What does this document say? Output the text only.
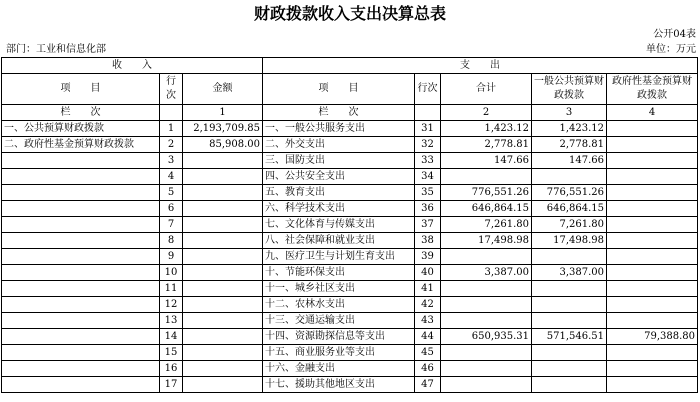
财政拨款收入支出决算总表
公开04表
部门：工业和信息化部	单位：万元
收　　入			支　　出				
项　　目	行次	金额	项　　目	行次	合计	一般公共预算财政拨款	政府性基金预算财政拨款
栏　　次		1	栏　　次		2	3	4
一、公共预算财政拨款	1	2,193,709.85	一、一般公共服务支出	31	1,423.12	1,423.12	
二、政府性基金预算财政拨款	2	85,908.00	二、外交支出	32	2,778.81	2,778.81	
	3		三、国防支出	33	147.66	147.66	
	4		四、公共安全支出	34			
	5		五、教育支出	35	776,551.26	776,551.26	
	6		六、科学技术支出	36	646,864.15	646,864.15	
	7		七、文化体育与传媒支出	37	7,261.80	7,261.80	
	8		八、社会保障和就业支出	38	17,498.98	17,498.98	
	9		九、医疗卫生与计划生育支出	39			
	10		十、节能环保支出	40	3,387.00	3,387.00	
	11		十一、城乡社区支出	41			
	12		十二、农林水支出	42			
	13		十三、交通运输支出	43			
	14		十四、资源勘探信息等支出	44	650,935.31	571,546.51	79,388.80
	15		十五、商业服务业等支出	45			
	16		十六、金融支出	46			
	17		十七、援助其他地区支出	47			
